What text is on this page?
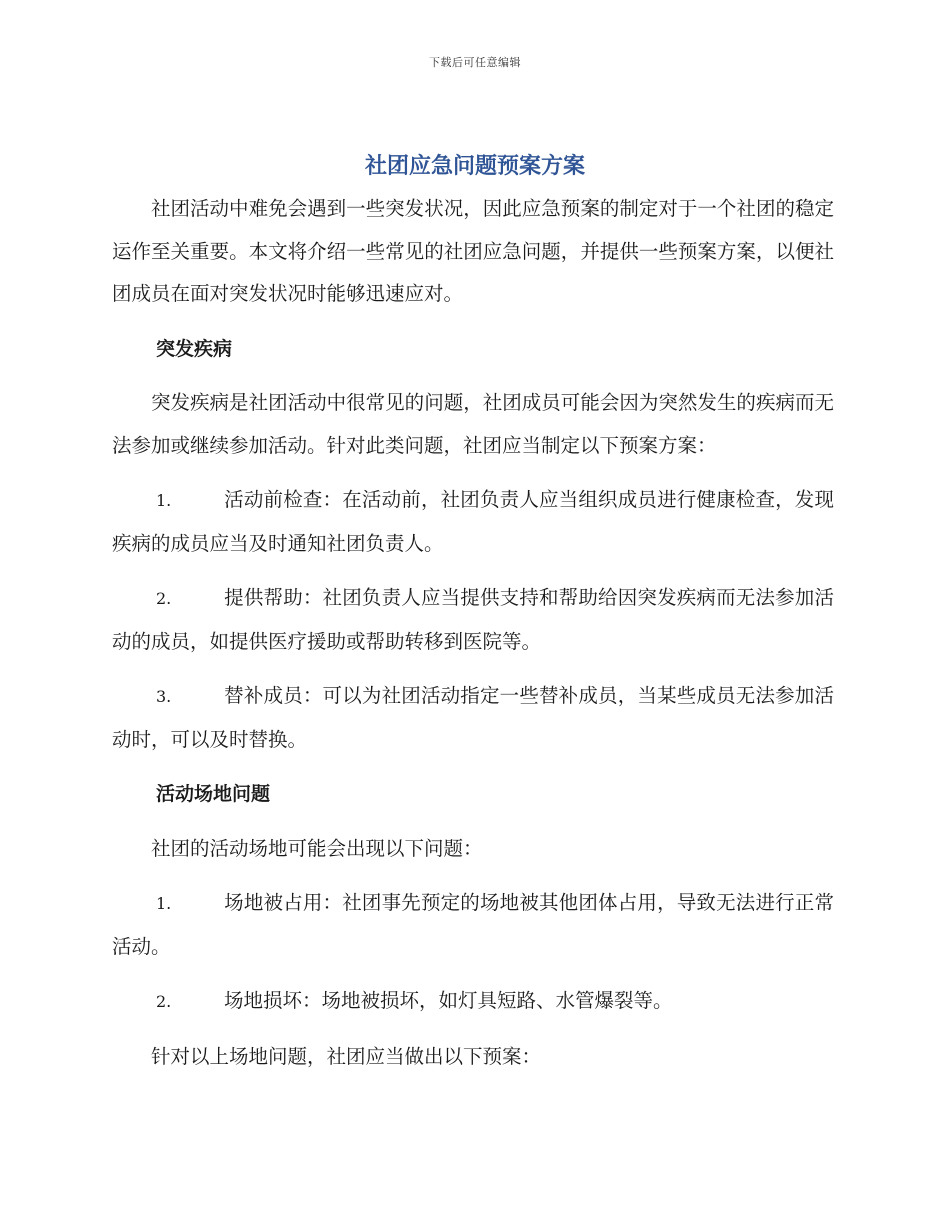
下载后可任意编辑
社团应急问题预案方案

社团活动中难免会遇到一些突发状况，因此应急预案的制定对于一个社团的稳定运作至关重要。本文将介绍一些常见的社团应急问题，并提供一些预案方案，以便社团成员在面对突发状况时能够迅速应对。

突发疾病

突发疾病是社团活动中很常见的问题，社团成员可能会因为突然发生的疾病而无法参加或继续参加活动。针对此类问题，社团应当制定以下预案方案：

1.	活动前检查：在活动前，社团负责人应当组织成员进行健康检查，发现疾病的成员应当及时通知社团负责人。

2.	提供帮助：社团负责人应当提供支持和帮助给因突发疾病而无法参加活动的成员，如提供医疗援助或帮助转移到医院等。

3.	替补成员：可以为社团活动指定一些替补成员，当某些成员无法参加活动时，可以及时替换。

活动场地问题

社团的活动场地可能会出现以下问题：

1.	场地被占用：社团事先预定的场地被其他团体占用，导致无法进行正常活动。

2.	场地损坏：场地被损坏，如灯具短路、水管爆裂等。

针对以上场地问题，社团应当做出以下预案：
